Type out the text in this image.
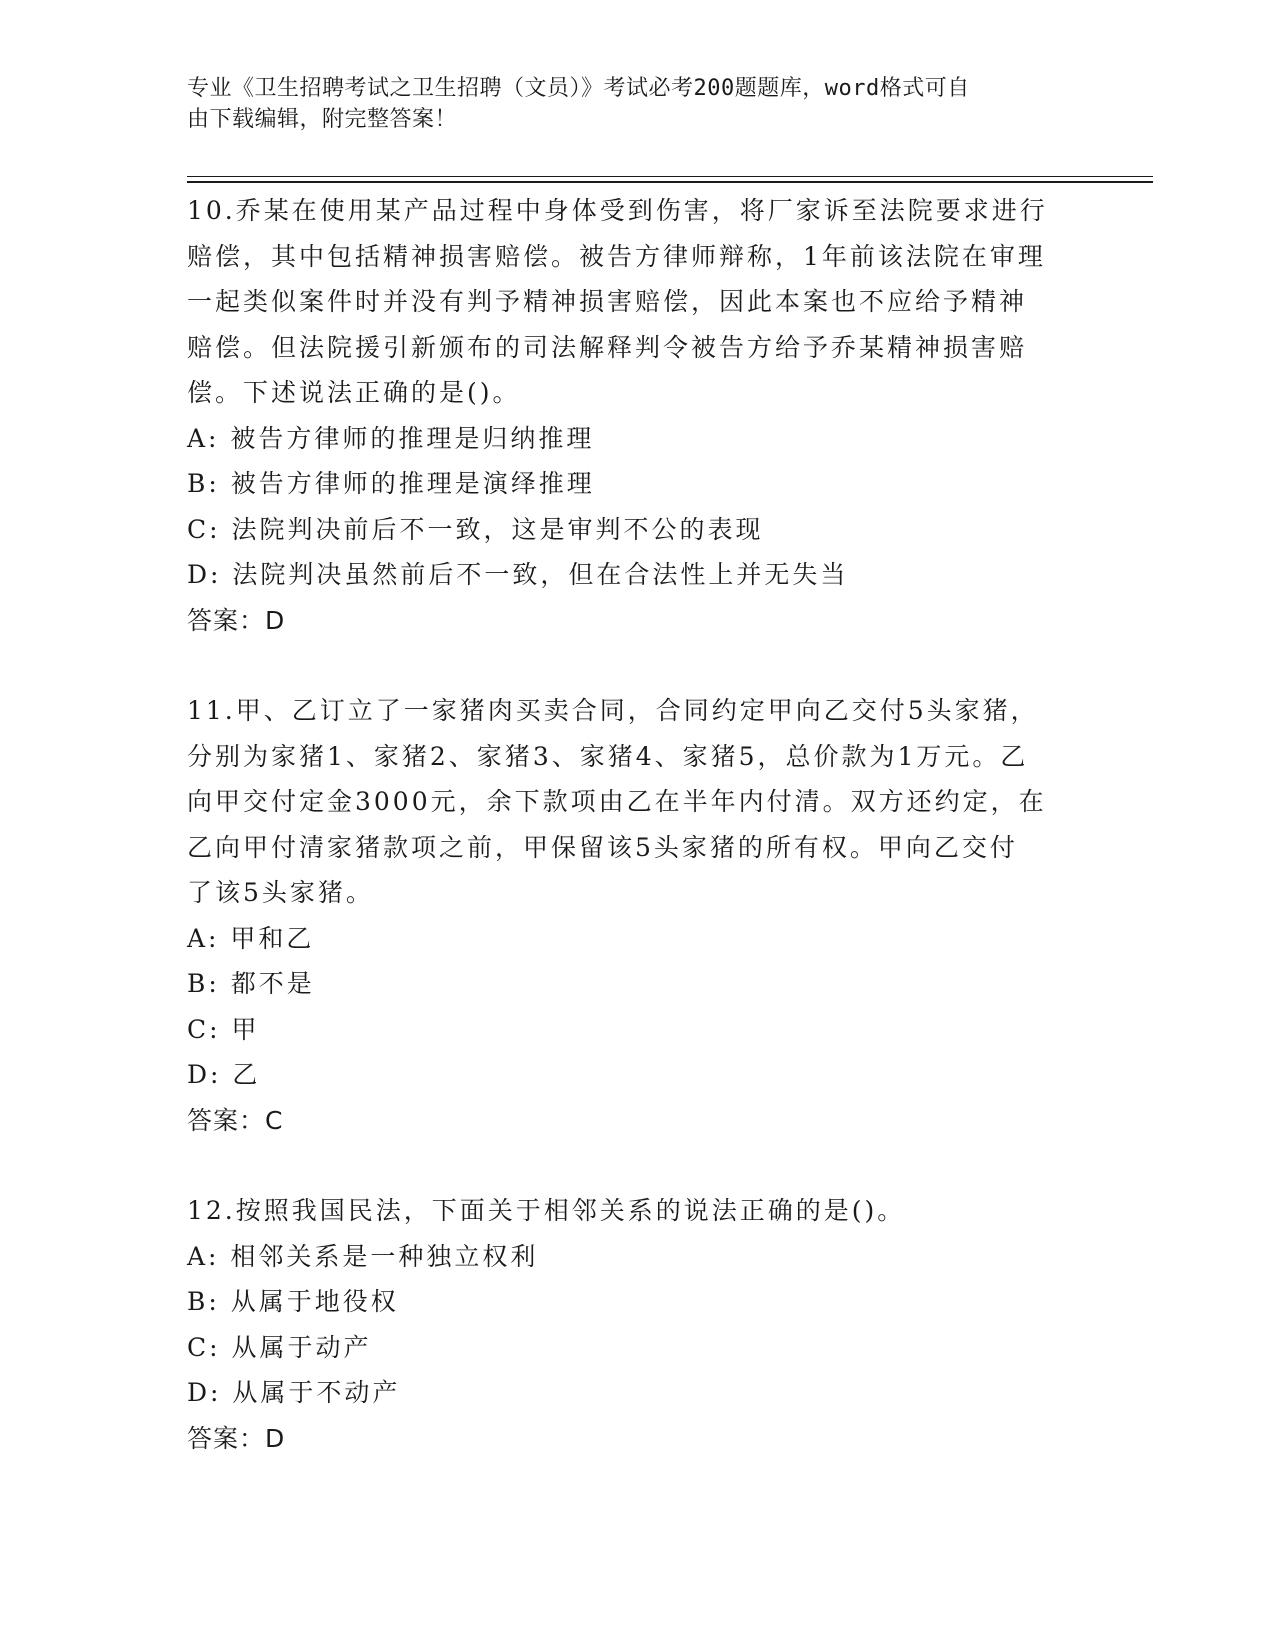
专业《卫生招聘考试之卫生招聘（文员）》考试必考200题题库，word格式可自
由下载编辑，附完整答案！
10.乔某在使用某产品过程中身体受到伤害，将厂家诉至法院要求进行
赔偿，其中包括精神损害赔偿。被告方律师辩称，1年前该法院在审理
一起类似案件时并没有判予精神损害赔偿，因此本案也不应给予精神
赔偿。但法院援引新颁布的司法解释判令被告方给予乔某精神损害赔
偿。下述说法正确的是()。
A: 被告方律师的推理是归纳推理
B: 被告方律师的推理是演绎推理
C: 法院判决前后不一致，这是审判不公的表现
D: 法院判决虽然前后不一致，但在合法性上并无失当
答案：D
11.甲、乙订立了一家猪肉买卖合同，合同约定甲向乙交付5头家猪，
分别为家猪1、家猪2、家猪3、家猪4、家猪5，总价款为1万元。乙
向甲交付定金3000元，余下款项由乙在半年内付清。双方还约定，在
乙向甲付清家猪款项之前，甲保留该5头家猪的所有权。甲向乙交付
了该5头家猪。
A: 甲和乙
B: 都不是
C: 甲
D: 乙
答案：C
12.按照我国民法，下面关于相邻关系的说法正确的是()。
A: 相邻关系是一种独立权利
B: 从属于地役权
C: 从属于动产
D: 从属于不动产
答案：D
